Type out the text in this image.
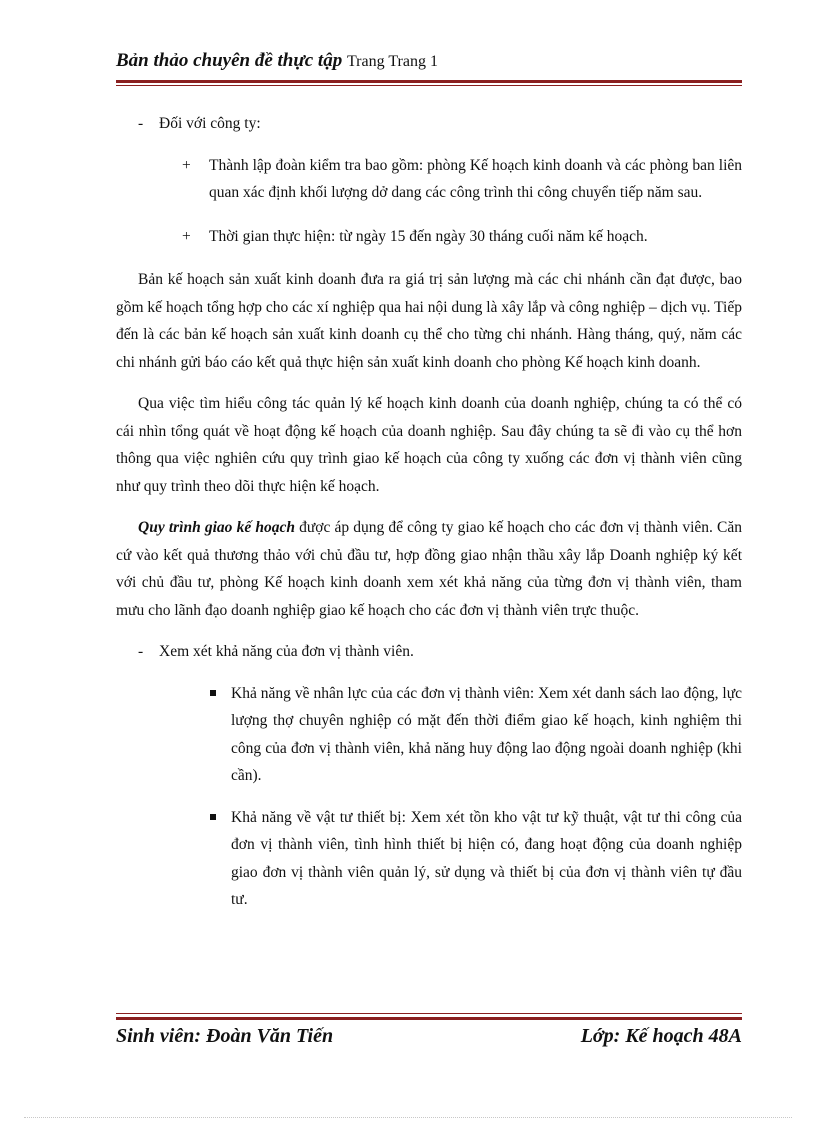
Bản thảo chuyên đề thực tập Trang Trang 1
- Đối với công ty:
+ Thành lập đoàn kiểm tra bao gồm: phòng Kế hoạch kinh doanh và các phòng ban liên quan xác định khối lượng dở dang các công trình thi công chuyển tiếp năm sau.
+ Thời gian thực hiện: từ ngày 15 đến ngày 30 tháng cuối năm kế hoạch.

Bản kế hoạch sản xuất kinh doanh đưa ra giá trị sản lượng mà các chi nhánh cần đạt được, bao gồm kế hoạch tổng hợp cho các xí nghiệp qua hai nội dung là xây lắp và công nghiệp – dịch vụ. Tiếp đến là các bản kế hoạch sản xuất kinh doanh cụ thể cho từng chi nhánh. Hàng tháng, quý, năm các chi nhánh gửi báo cáo kết quả thực hiện sản xuất kinh doanh cho phòng Kế hoạch kinh doanh.

Qua việc tìm hiểu công tác quản lý kế hoạch kinh doanh của doanh nghiệp, chúng ta có thể có cái nhìn tổng quát về hoạt động kế hoạch của doanh nghiệp. Sau đây chúng ta sẽ đi vào cụ thể hơn thông qua việc nghiên cứu quy trình giao kế hoạch của công ty xuống các đơn vị thành viên cũng như quy trình theo dõi thực hiện kế hoạch.

Quy trình giao kế hoạch được áp dụng để công ty giao kế hoạch cho các đơn vị thành viên. Căn cứ vào kết quả thương thảo với chủ đầu tư, hợp đồng giao nhận thầu xây lắp Doanh nghiệp ký kết với chủ đầu tư, phòng Kế hoạch kinh doanh xem xét khả năng của từng đơn vị thành viên, tham mưu cho lãnh đạo doanh nghiệp giao kế hoạch cho các đơn vị thành viên trực thuộc.

- Xem xét khả năng của đơn vị thành viên.
Khả năng về nhân lực của các đơn vị thành viên: Xem xét danh sách lao động, lực lượng thợ chuyên nghiệp có mặt đến thời điểm giao kế hoạch, kinh nghiệm thi công của đơn vị thành viên, khả năng huy động lao động ngoài doanh nghiệp (khi cần).
Khả năng về vật tư thiết bị: Xem xét tồn kho vật tư kỹ thuật, vật tư thi công của đơn vị thành viên, tình hình thiết bị hiện có, đang hoạt động của doanh nghiệp giao đơn vị thành viên quản lý, sử dụng và thiết bị của đơn vị thành viên tự đầu tư.
Sinh viên: Đoàn Văn Tiến	Lớp: Kế hoạch 48A
